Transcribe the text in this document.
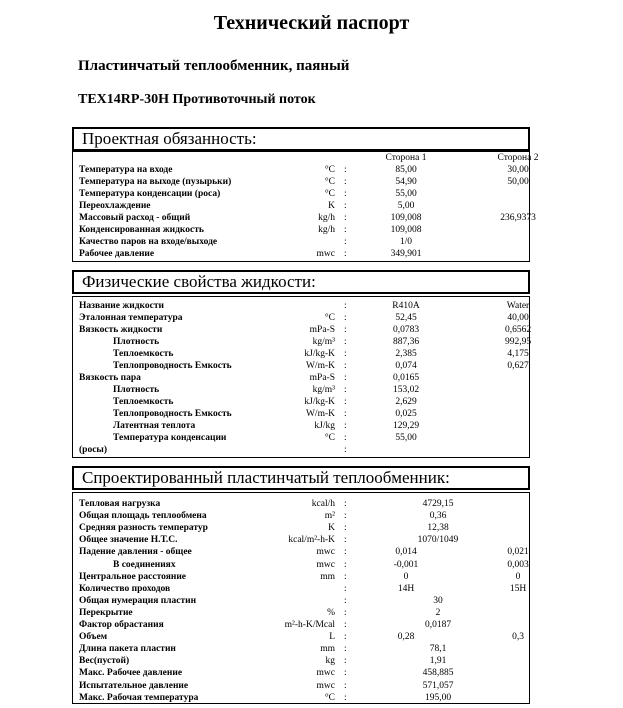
Технический паспорт
Пластинчатый теплообменник, паяный
TEX14RP-30H Противоточный поток
Проектная обязанность:
Сторона 1	Сторона 2
Температура на входе	°C :	85,00	30,00
Температура на выходе (пузырьки)	°C :	54,90	50,00
Температура конденсации (роса)	°C :	55,00
Переохлаждение	K :	5,00
Массовый расход - общий	kg/h :	109,008	236,9373
Конденсированная жидкость	kg/h :	109,008
Качество паров на входе/выходе	:	1/0
Рабочее давление	mwc :	349,901
Физические свойства жидкости:
Название жидкости	:	R410A	Water
Эталонная температура	°C :	52,45	40,00
Вязкость жидкости	mPa-S :	0,0783	0,6562
Плотность	kg/m³ :	887,36	992,95
Теплоемкость	kJ/kg-K :	2,385	4,175
Теплопроводность Емкость	W/m-K :	0,074	0,627
Вязкость пара	mPa-S :	0,0165
Плотность	kg/m³ :	153,02
Теплоемкость	kJ/kg-K :	2,629
Теплопроводность Емкость	W/m-K :	0,025
Латентная теплота	kJ/kg :	129,29
Температура конденсации	°C :	55,00
(росы)	:
Спроектированный пластинчатый теплообменник:
Тепловая нагрузка	kcal/h :	4729,15
Общая площадь теплообмена	m² :	0,36
Средняя разность температур	K :	12,38
Общее значение Н.Т.С.	kcal/m²-h-K :	1070/1049
Падение давления - общее	mwc :	0,014	0,021
В соединениях	mwc :	-0,001	0,003
Центральное расстояние	mm :	0	0
Количество проходов	:	14H	15H
Общая нумерация пластин	:	30
Перекрытие	% :	2
Фактор обрастания	m²-h-K/Mcal :	0,0187
Объем	L :	0,28	0,3
Длина пакета пластин	mm :	78,1
Вес(пустой)	kg :	1,91
Макс. Рабочее давление	mwc :	458,885
Испытательное давление	mwc :	571,057
Макс. Рабочая температура	°C :	195,00
